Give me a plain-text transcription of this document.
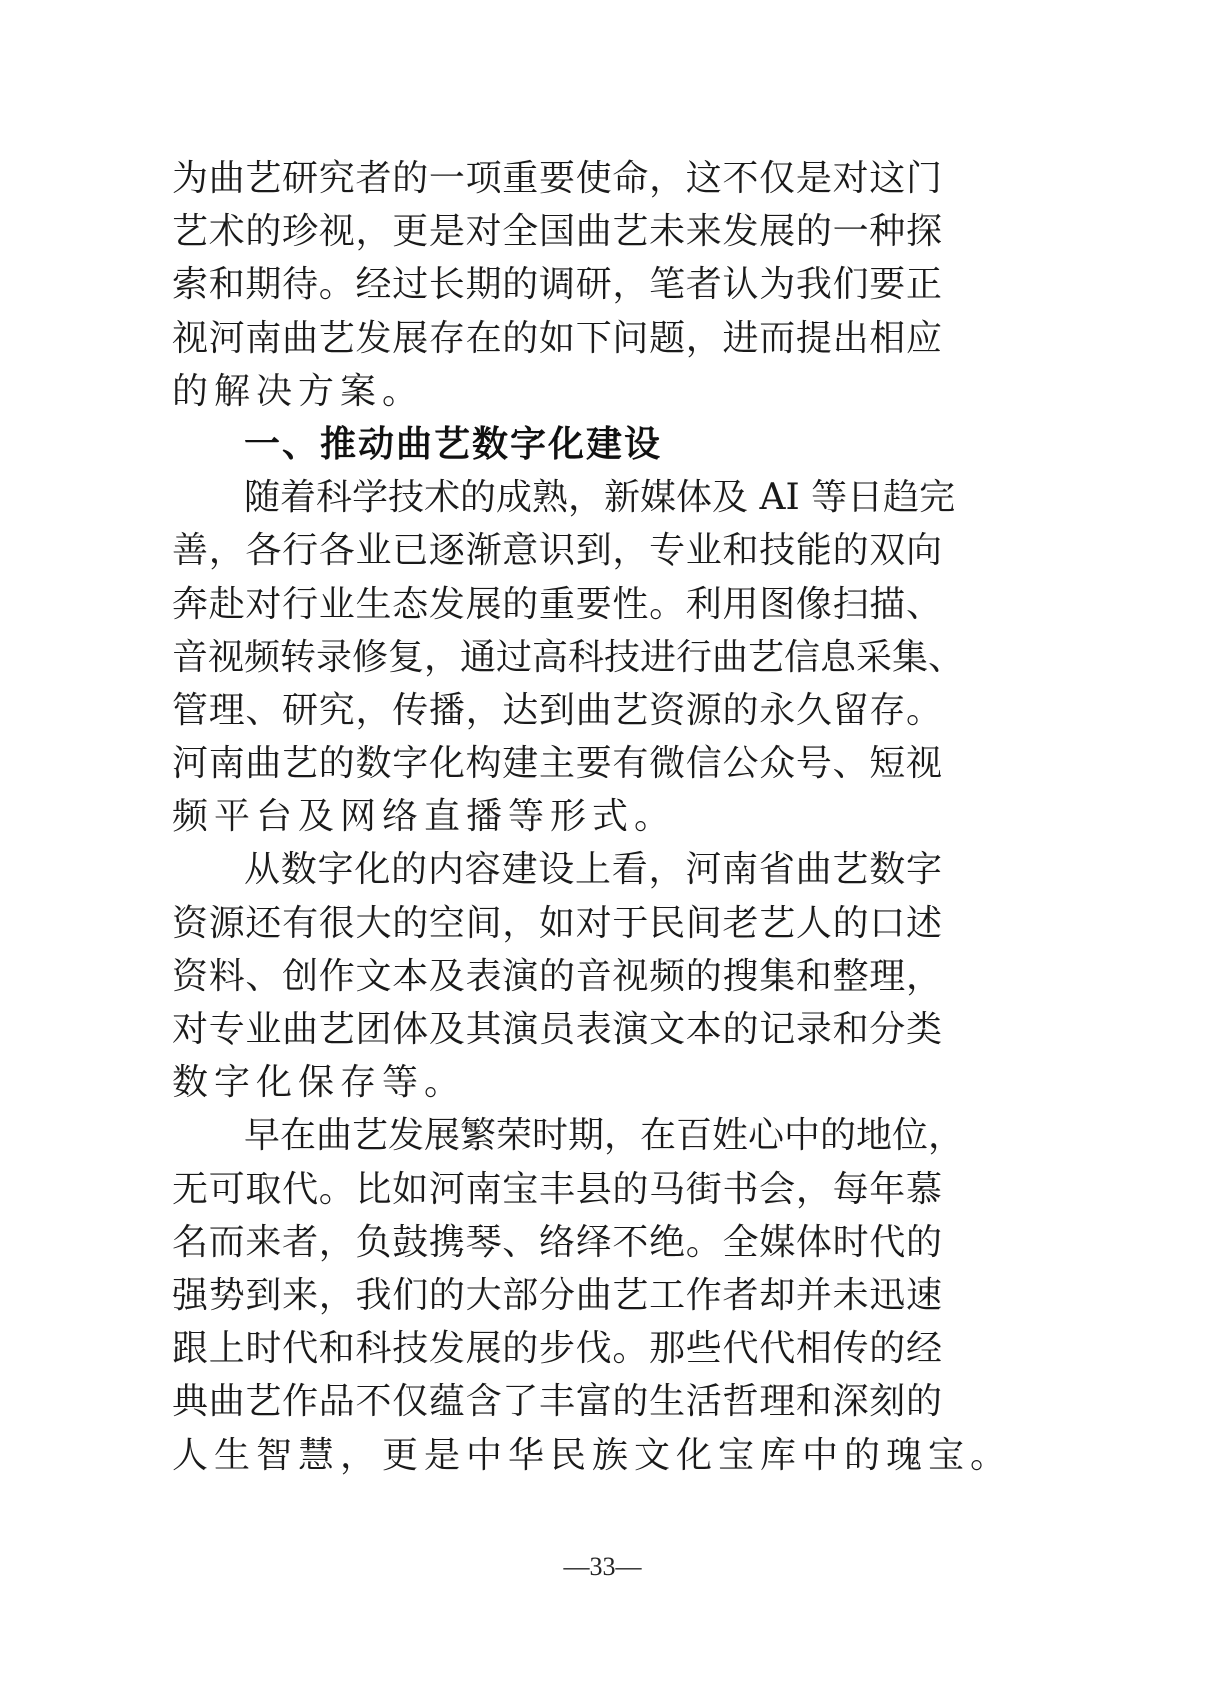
为曲艺研究者的一项重要使命，这不仅是对这门
艺术的珍视，更是对全国曲艺未来发展的一种探
索和期待。经过长期的调研，笔者认为我们要正
视河南曲艺发展存在的如下问题，进而提出相应
的解决方案。
一、推动曲艺数字化建设
随着科学技术的成熟，新媒体及 AI 等日趋完
善，各行各业已逐渐意识到，专业和技能的双向
奔赴对行业生态发展的重要性。利用图像扫描、
音视频转录修复，通过高科技进行曲艺信息采集、
管理、研究，传播，达到曲艺资源的永久留存。
河南曲艺的数字化构建主要有微信公众号、短视
频平台及网络直播等形式。
从数字化的内容建设上看，河南省曲艺数字
资源还有很大的空间，如对于民间老艺人的口述
资料、创作文本及表演的音视频的搜集和整理，
对专业曲艺团体及其演员表演文本的记录和分类
数字化保存等。
早在曲艺发展繁荣时期，在百姓心中的地位，
无可取代。比如河南宝丰县的马街书会，每年慕
名而来者，负鼓携琴、络绎不绝。全媒体时代的
强势到来，我们的大部分曲艺工作者却并未迅速
跟上时代和科技发展的步伐。那些代代相传的经
典曲艺作品不仅蕴含了丰富的生活哲理和深刻的
人生智慧，更是中华民族文化宝库中的瑰宝。
—33—
